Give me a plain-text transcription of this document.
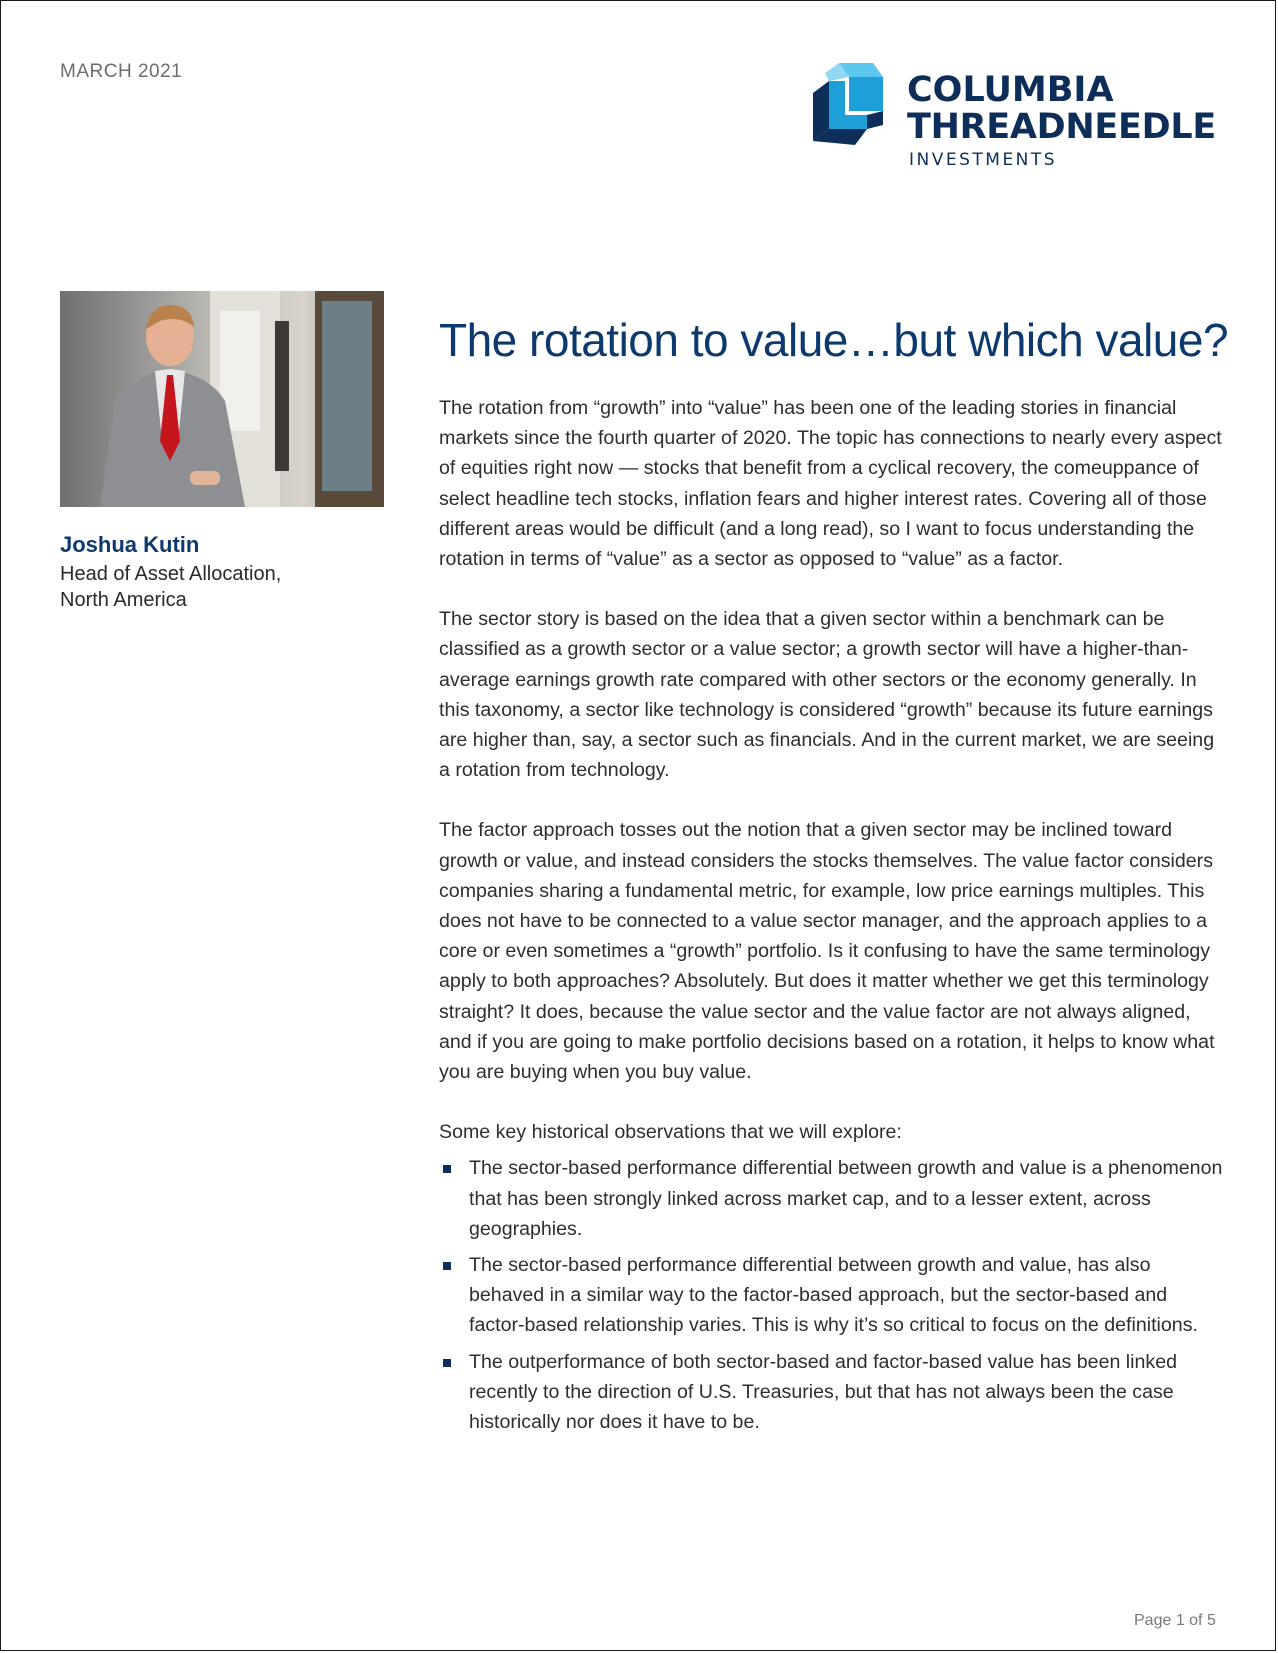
MARCH 2021	COLUMBIA
THREADNEEDLE
INVESTMENTS
Joshua Kutin
Head of Asset Allocation,
North America
The rotation to value…but which value?

The rotation from “growth” into “value” has been one of the leading stories in financial markets since the fourth quarter of 2020. The topic has connections to nearly every aspect of equities right now — stocks that benefit from a cyclical recovery, the comeuppance of select headline tech stocks, inflation fears and higher interest rates. Covering all of those different areas would be difficult (and a long read), so I want to focus understanding the rotation in terms of “value” as a sector as opposed to “value” as a factor.

The sector story is based on the idea that a given sector within a benchmark can be classified as a growth sector or a value sector; a growth sector will have a higher-than-average earnings growth rate compared with other sectors or the economy generally. In this taxonomy, a sector like technology is considered “growth” because its future earnings are higher than, say, a sector such as financials. And in the current market, we are seeing a rotation from technology.

The factor approach tosses out the notion that a given sector may be inclined toward growth or value, and instead considers the stocks themselves. The value factor considers companies sharing a fundamental metric, for example, low price earnings multiples. This does not have to be connected to a value sector manager, and the approach applies to a core or even sometimes a “growth” portfolio. Is it confusing to have the same terminology apply to both approaches? Absolutely. But does it matter whether we get this terminology straight? It does, because the value sector and the value factor are not always aligned, and if you are going to make portfolio decisions based on a rotation, it helps to know what you are buying when you buy value.

Some key historical observations that we will explore:

The sector-based performance differential between growth and value is a phenomenon that has been strongly linked across market cap, and to a lesser extent, across geographies.
The sector-based performance differential between growth and value, has also behaved in a similar way to the factor-based approach, but the sector-based and factor-based relationship varies. This is why it’s so critical to focus on the definitions.
The outperformance of both sector-based and factor-based value has been linked recently to the direction of U.S. Treasuries, but that has not always been the case historically nor does it have to be.
Page 1 of 5
